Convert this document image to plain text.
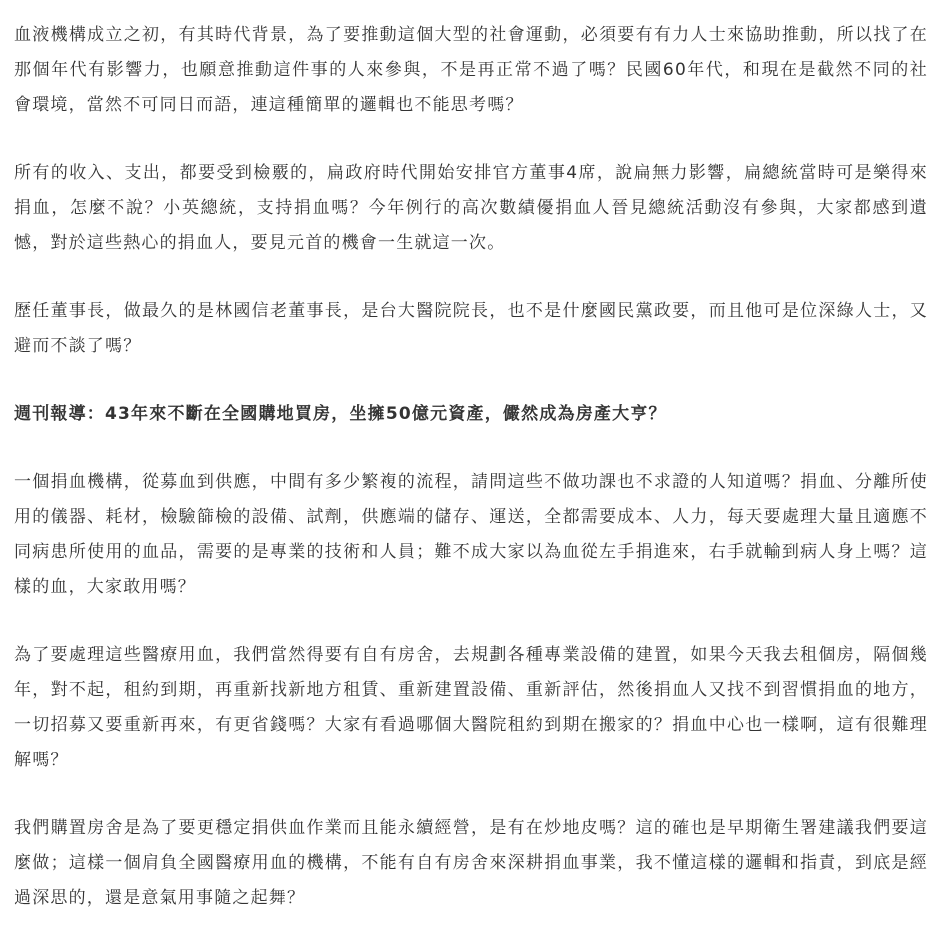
血液機構成立之初，有其時代背景，為了要推動這個大型的社會運動，必須要有有力人士來協助推動，所以找了在那個年代有影響力，也願意推動這件事的人來參與，不是再正常不過了嗎？民國60年代，和現在是截然不同的社會環境，當然不可同日而語，連這種簡單的邏輯也不能思考嗎？

所有的收入、支出，都要受到檢覈的，扁政府時代開始安排官方董事4席，說扁無力影響，扁總統當時可是樂得來捐血，怎麼不說？小英總統，支持捐血嗎？今年例行的高次數績優捐血人晉見總統活動沒有參與，大家都感到遺憾，對於這些熱心的捐血人，要見元首的機會一生就這一次。

歷任董事長，做最久的是林國信老董事長，是台大醫院院長，也不是什麼國民黨政要，而且他可是位深綠人士，又避而不談了嗎？

週刊報導：43年來不斷在全國購地買房，坐擁50億元資產，儼然成為房產大亨？

一個捐血機構，從募血到供應，中間有多少繁複的流程，請問這些不做功課也不求證的人知道嗎？捐血、分離所使用的儀器、耗材，檢驗篩檢的設備、試劑，供應端的儲存、運送，全都需要成本、人力，每天要處理大量且適應不同病患所使用的血品，需要的是專業的技術和人員；難不成大家以為血從左手捐進來，右手就輸到病人身上嗎？這樣的血，大家敢用嗎？

為了要處理這些醫療用血，我們當然得要有自有房舍，去規劃各種專業設備的建置，如果今天我去租個房，隔個幾年，對不起，租約到期，再重新找新地方租賃、重新建置設備、重新評估，然後捐血人又找不到習慣捐血的地方，一切招募又要重新再來，有更省錢嗎？大家有看過哪個大醫院租約到期在搬家的？捐血中心也一樣啊，這有很難理解嗎？

我們購置房舍是為了要更穩定捐供血作業而且能永續經營，是有在炒地皮嗎？這的確也是早期衛生署建議我們要這麼做；這樣一個肩負全國醫療用血的機構，不能有自有房舍來深耕捐血事業，我不懂這樣的邏輯和指責，到底是經過深思的，還是意氣用事隨之起舞？
